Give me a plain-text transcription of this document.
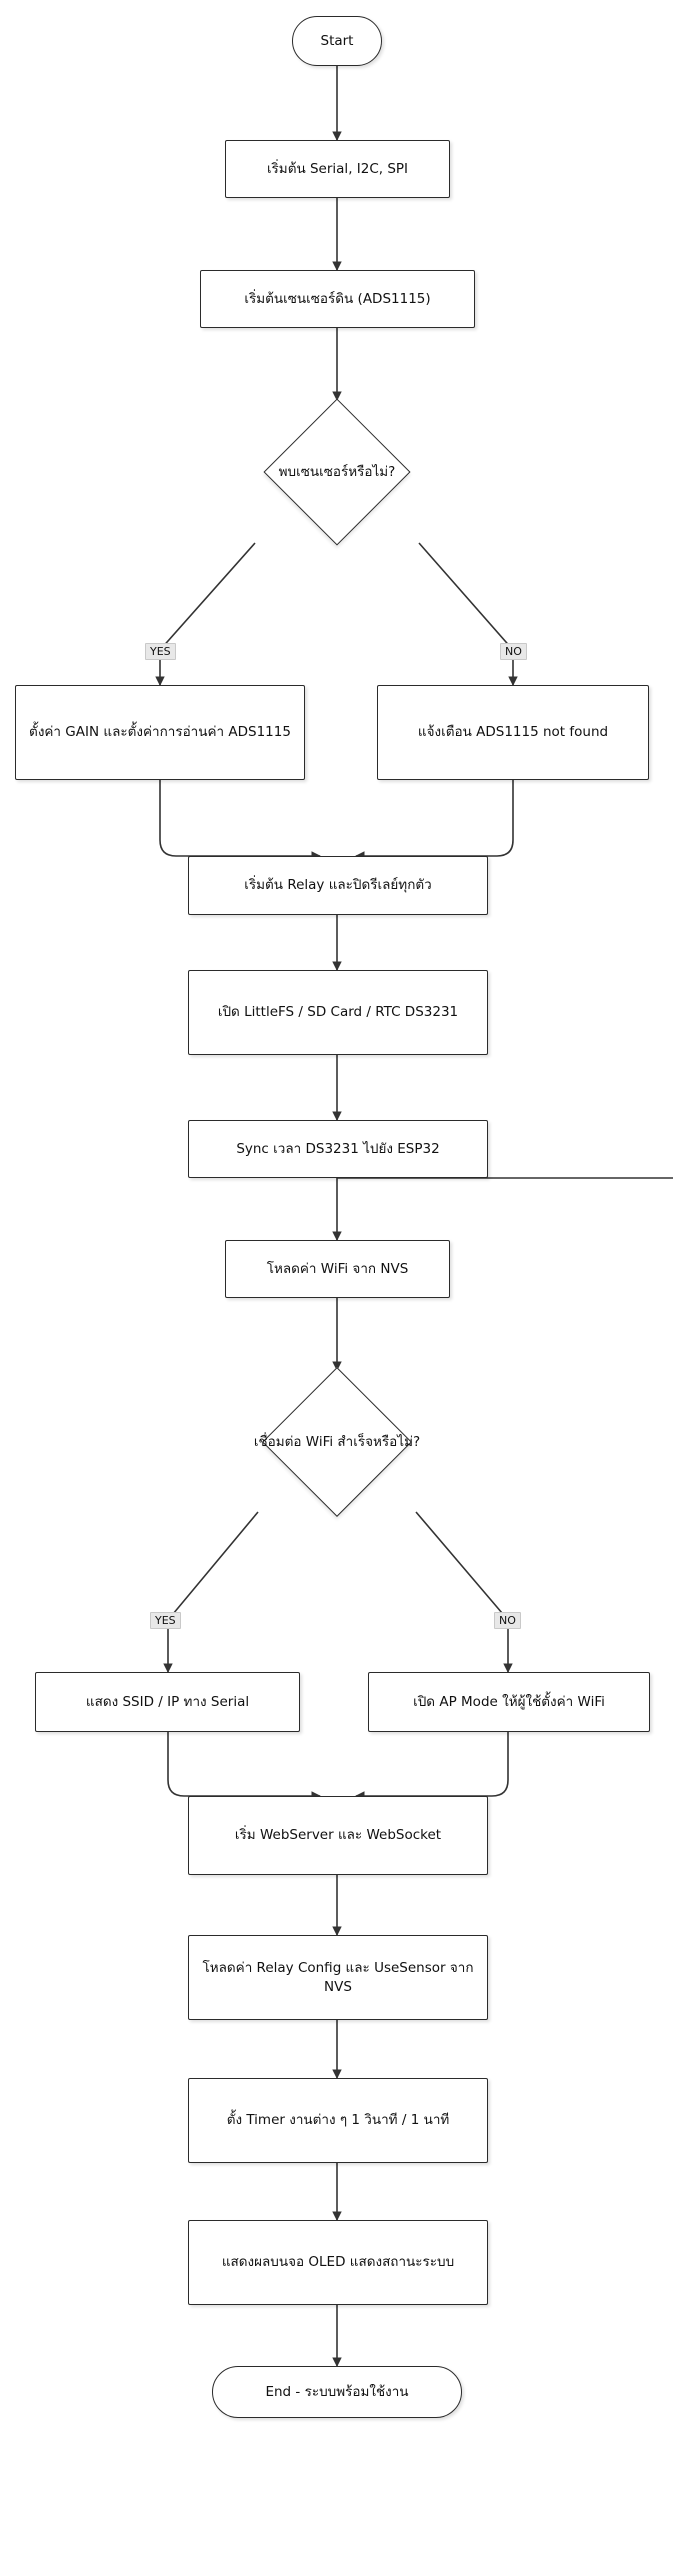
Start
เริ่มต้น Serial, I2C, SPI
เริ่มต้นเซนเซอร์ดิน (ADS1115)
พบเซนเซอร์หรือไม่?
ตั้งค่า GAIN และตั้งค่าการอ่านค่า ADS1115	แจ้งเตือน ADS1115 not found
เริ่มต้น Relay และปิดรีเลย์ทุกตัว
เปิด LittleFS / SD Card / RTC DS3231
Sync เวลา DS3231 ไปยัง ESP32
โหลดค่า WiFi จาก NVS
เชื่อมต่อ WiFi สำเร็จหรือไม่?
แสดง SSID / IP ทาง Serial	เปิด AP Mode ให้ผู้ใช้ตั้งค่า WiFi
เริ่ม WebServer และ WebSocket
โหลดค่า Relay Config และ UseSensor จาก NVS
ตั้ง Timer งานต่าง ๆ 1 วินาที / 1 นาที
แสดงผลบนจอ OLED แสดงสถานะระบบ
End - ระบบพร้อมใช้งาน
YES	NO
YES	NO
